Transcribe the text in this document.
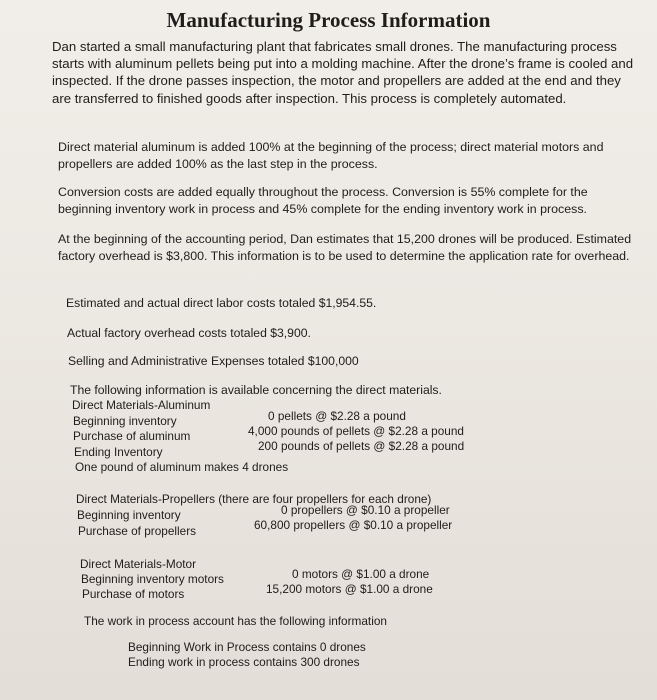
Manufacturing Process Information
Dan started a small manufacturing plant that fabricates small drones. The manufacturing process starts with aluminum pellets being put into a molding machine. After the drone’s frame is cooled and inspected. If the drone passes inspection, the motor and propellers are added at the end and they are transferred to finished goods after inspection. This process is completely automated.
Direct material aluminum is added 100% at the beginning of the process; direct material motors and propellers are added 100% as the last step in the process.
Conversion costs are added equally throughout the process. Conversion is 55% complete for the beginning inventory work in process and 45% complete for the ending inventory work in process.
At the beginning of the accounting period, Dan estimates that 15,200 drones will be produced. Estimated factory overhead is $3,800. This information is to be used to determine the application rate for overhead.
Estimated and actual direct labor costs totaled $1,954.55.
Actual factory overhead costs totaled $3,900.
Selling and Administrative Expenses totaled $100,000
The following information is available concerning the direct materials.
Direct Materials-Aluminum
Beginning inventory	0 pellets @ $2.28 a pound
Purchase of aluminum	4,000 pounds of pellets @ $2.28 a pound
Ending Inventory	200 pounds of pellets @ $2.28 a pound
One pound of aluminum makes 4 drones
Direct Materials-Propellers (there are four propellers for each drone)
Beginning inventory	0 propellers @ $0.10 a propeller
Purchase of propellers	60,800 propellers @ $0.10 a propeller
Direct Materials-Motor
Beginning inventory motors	0 motors @ $1.00 a drone
Purchase of motors	15,200 motors @ $1.00 a drone
The work in process account has the following information
Beginning Work in Process contains 0 drones
Ending work in process contains 300 drones
